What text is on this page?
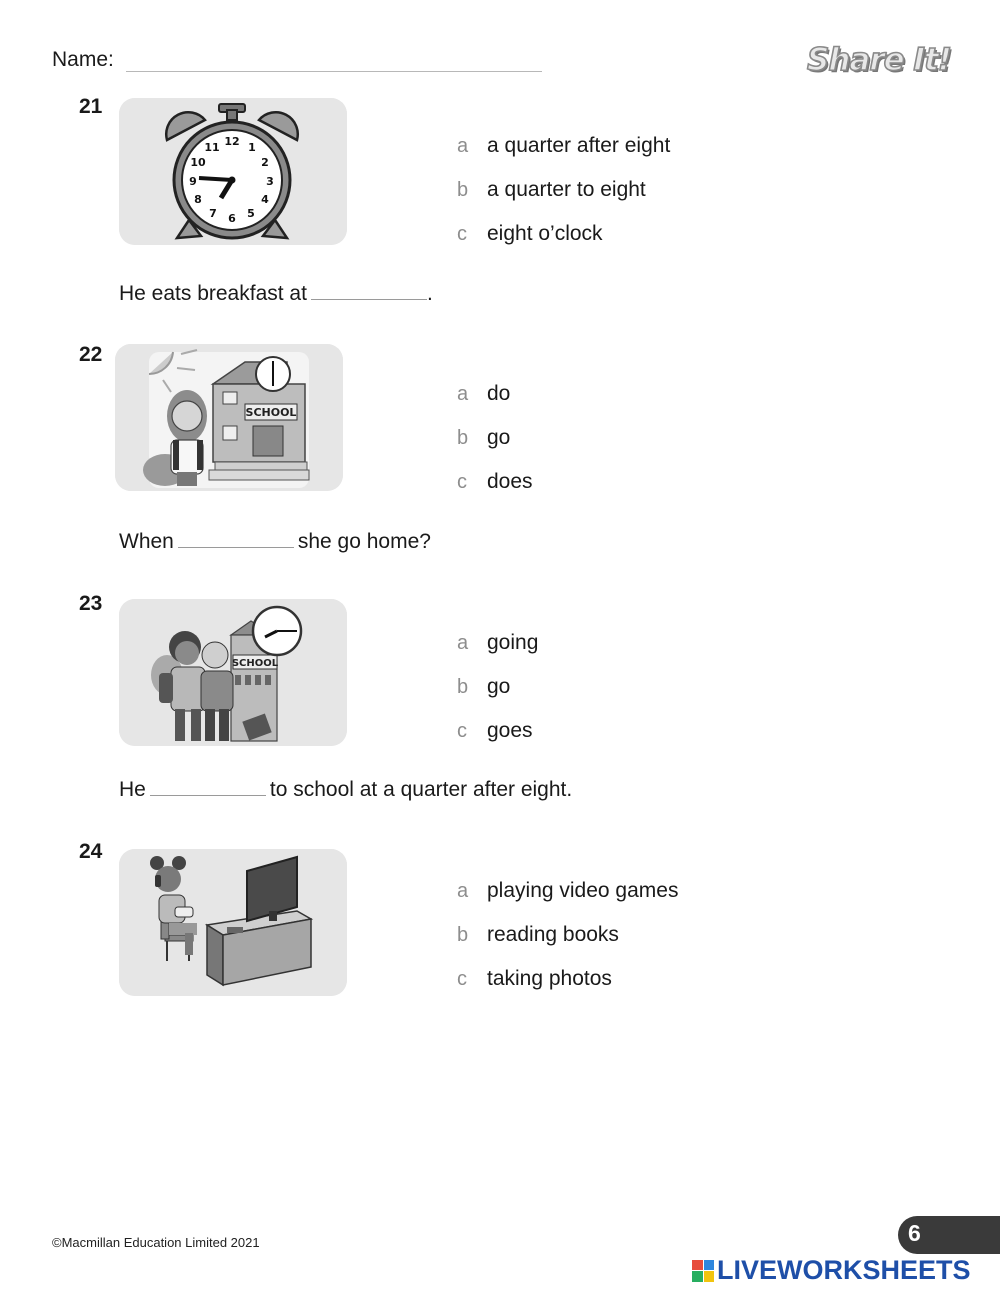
Name:	Share It!
21
12 1
2
3
4
5
6
7
8
9
10
11	a a quarter after eight
b a quarter to eight
c eight o’clock
He eats breakfast at	.
22
SCHOOL
a do
b go
c does
When	she go home?
23
SCHOOL
a going
b go
c goes
He	to school at a quarter after eight.
24
a playing video games
b reading books
c taking photos
©Macmillan Education Limited 2021	6
LIVEWORKSHEETS
